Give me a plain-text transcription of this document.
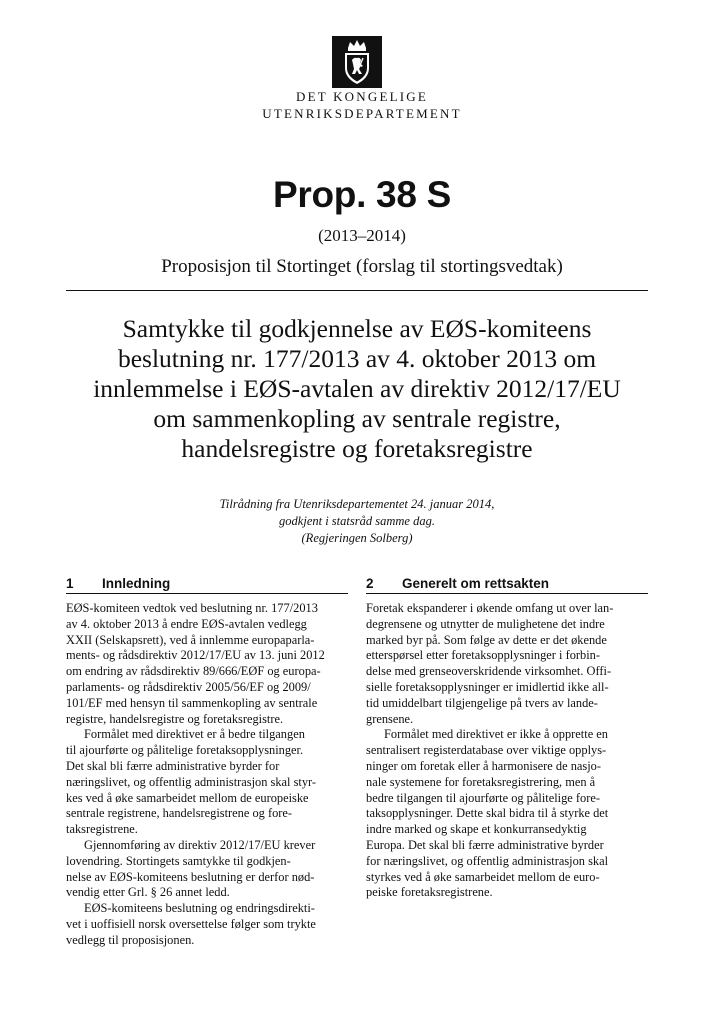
DET KONGELIGE
UTENRIKSDEPARTEMENT
Prop. 38 S
(2013–2014)
Proposisjon til Stortinget (forslag til stortingsvedtak)
Samtykke til godkjennelse av EØS-komiteens
beslutning nr. 177/2013 av 4. oktober 2013 om
innlemmelse i EØS-avtalen av direktiv 2012/17/EU
om sammenkopling av sentrale registre,
handelsregistre og foretaksregistre
Tilrådning fra Utenriksdepartementet 24. januar 2014,
godkjent i statsråd samme dag.
(Regjeringen Solberg)
1 Innledning
EØS-komiteen vedtok ved beslutning nr. 177/2013
av 4. oktober 2013 å endre EØS-avtalen vedlegg
XXII (Selskapsrett), ved å innlemme europaparla-
ments- og rådsdirektiv 2012/17/EU av 13. juni 2012
om endring av rådsdirektiv 89/666/EØF og europa-
parlaments- og rådsdirektiv 2005/56/EF og 2009/
101/EF med hensyn til sammenkopling av sentrale
registre, handelsregistre og foretaksregistre.
Formålet med direktivet er å bedre tilgangen
til ajourførte og pålitelige foretaksopplysninger.
Det skal bli færre administrative byrder for
næringslivet, og offentlig administrasjon skal styr-
kes ved å øke samarbeidet mellom de europeiske
sentrale registrene, handelsregistrene og fore-
taksregistrene.
Gjennomføring av direktiv 2012/17/EU krever
lovendring. Stortingets samtykke til godkjen-
nelse av EØS-komiteens beslutning er derfor nød-
vendig etter Grl. § 26 annet ledd.
EØS-komiteens beslutning og endringsdirekti-
vet i uoffisiell norsk oversettelse følger som trykte
vedlegg til proposisjonen.
2 Generelt om rettsakten
Foretak ekspanderer i økende omfang ut over lan-
degrensene og utnytter de mulighetene det indre
marked byr på. Som følge av dette er det økende
etterspørsel etter foretaksopplysninger i forbin-
delse med grenseoverskridende virksomhet. Offi-
sielle foretaksopplysninger er imidlertid ikke all-
tid umiddelbart tilgjengelige på tvers av lande-
grensene.
Formålet med direktivet er ikke å opprette en
sentralisert registerdatabase over viktige opplys-
ninger om foretak eller å harmonisere de nasjo-
nale systemene for foretaksregistrering, men å
bedre tilgangen til ajourførte og pålitelige fore-
taksopplysninger. Dette skal bidra til å styrke det
indre marked og skape et konkurransedyktig
Europa. Det skal bli færre administrative byrder
for næringslivet, og offentlig administrasjon skal
styrkes ved å øke samarbeidet mellom de euro-
peiske foretaksregistrene.
